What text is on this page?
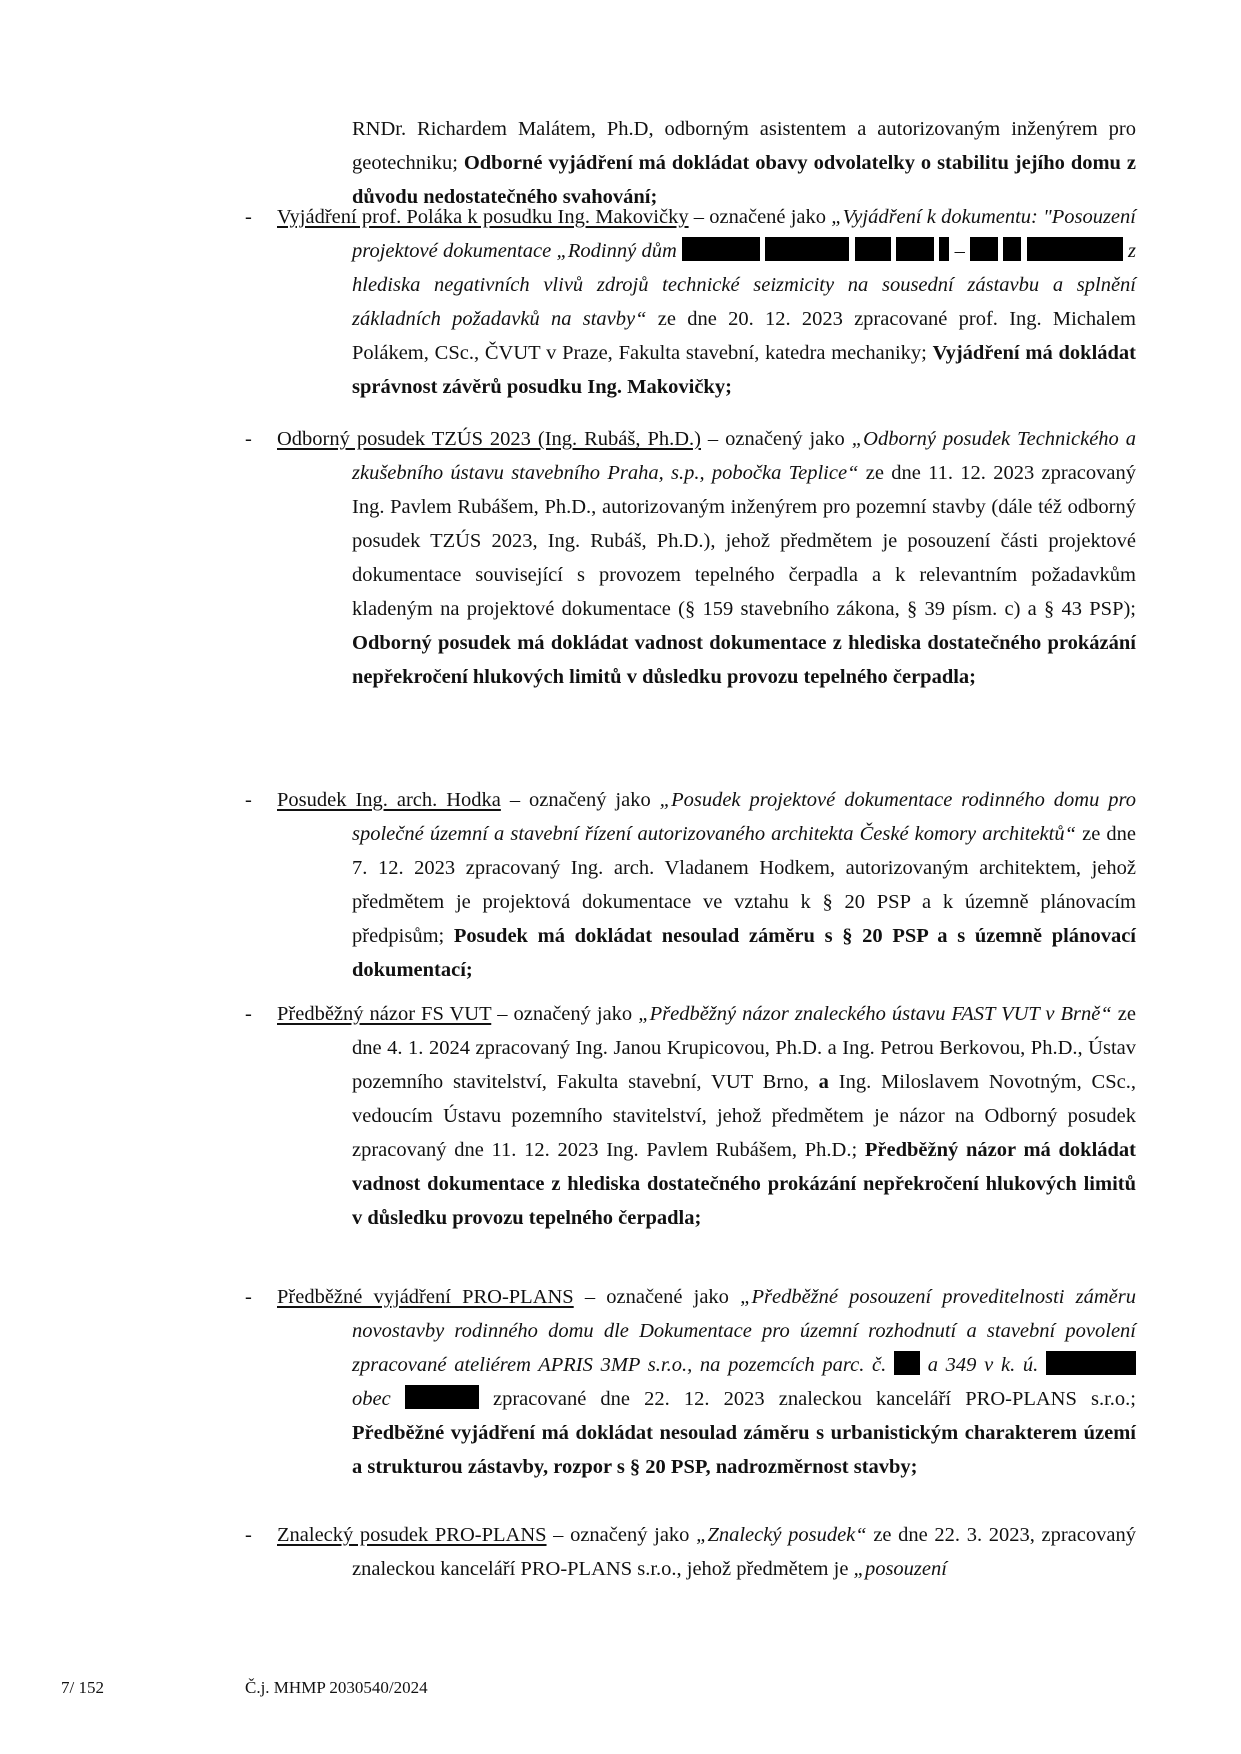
RNDr. Richardem Malátem, Ph.D, odborným asistentem a autorizovaným inženýrem pro geotechniku; Odborné vyjádření má dokládat obavy odvolatelky o stabilitu jejího domu z důvodu nedostatečného svahování;
-	Vyjádření prof. Poláka k posudku Ing. Makovičky – označené jako „Vyjádření k dokumentu: "Posouzení projektové dokumentace „Rodinný dům	–	z hlediska negativních vlivů zdrojů technické seizmicity na sousední zástavbu a splnění základních požadavků na stavby“ ze dne 20. 12. 2023 zpracované prof. Ing. Michalem Polákem, CSc., ČVUT v Praze, Fakulta stavební, katedra mechaniky; Vyjádření má dokládat správnost závěrů posudku Ing. Makovičky;
-	Odborný posudek TZÚS 2023 (Ing. Rubáš, Ph.D.) – označený jako „Odborný posudek Technického a zkušebního ústavu stavebního Praha, s.p., pobočka Teplice“ ze dne 11. 12. 2023 zpracovaný Ing. Pavlem Rubášem, Ph.D., autorizovaným inženýrem pro pozemní stavby (dále též odborný posudek TZÚS 2023, Ing. Rubáš, Ph.D.), jehož předmětem je posouzení části projektové dokumentace související s provozem tepelného čerpadla a k relevantním požadavkům kladeným na projektové dokumentace (§ 159 stavebního zákona, § 39 písm. c) a § 43 PSP); Odborný posudek má dokládat vadnost dokumentace z hlediska dostatečného prokázání nepřekročení hlukových limitů v důsledku provozu tepelného čerpadla;
-	Posudek Ing. arch. Hodka – označený jako „Posudek projektové dokumentace rodinného domu pro společné územní a stavební řízení autorizovaného architekta České komory architektů“ ze dne 7. 12. 2023 zpracovaný Ing. arch. Vladanem Hodkem, autorizovaným architektem, jehož předmětem je projektová dokumentace ve vztahu k § 20 PSP a k územně plánovacím předpisům; Posudek má dokládat nesoulad záměru s § 20 PSP a s územně plánovací dokumentací;
-	Předběžný názor FS VUT – označený jako „Předběžný názor znaleckého ústavu FAST VUT v Brně“ ze dne 4. 1. 2024 zpracovaný Ing. Janou Krupicovou, Ph.D. a Ing. Petrou Berkovou, Ph.D., Ústav pozemního stavitelství, Fakulta stavební, VUT Brno, a Ing. Miloslavem Novotným, CSc., vedoucím Ústavu pozemního stavitelství, jehož předmětem je názor na Odborný posudek zpracovaný dne 11. 12. 2023 Ing. Pavlem Rubášem, Ph.D.; Předběžný názor má dokládat vadnost dokumentace z hlediska dostatečného prokázání nepřekročení hlukových limitů v důsledku provozu tepelného čerpadla;
-	Předběžné vyjádření PRO-PLANS – označené jako „Předběžné posouzení proveditelnosti záměru novostavby rodinného domu dle Dokumentace pro územní rozhodnutí a stavební povolení zpracované ateliérem APRIS 3MP s.r.o., na pozemcích parc. č.  a 349 v k. ú.  obec	zpracované dne 22. 12. 2023 znaleckou kanceláří PRO-PLANS s.r.o.; Předběžné vyjádření má dokládat nesoulad záměru s urbanistickým charakterem území a strukturou zástavby, rozpor s § 20 PSP, nadrozměrnost stavby;
-	Znalecký posudek PRO-PLANS – označený jako „Znalecký posudek“ ze dne 22. 3. 2023, zpracovaný znaleckou kanceláří PRO-PLANS s.r.o., jehož předmětem je „posouzení
7/ 152	Č.j. MHMP 2030540/2024
